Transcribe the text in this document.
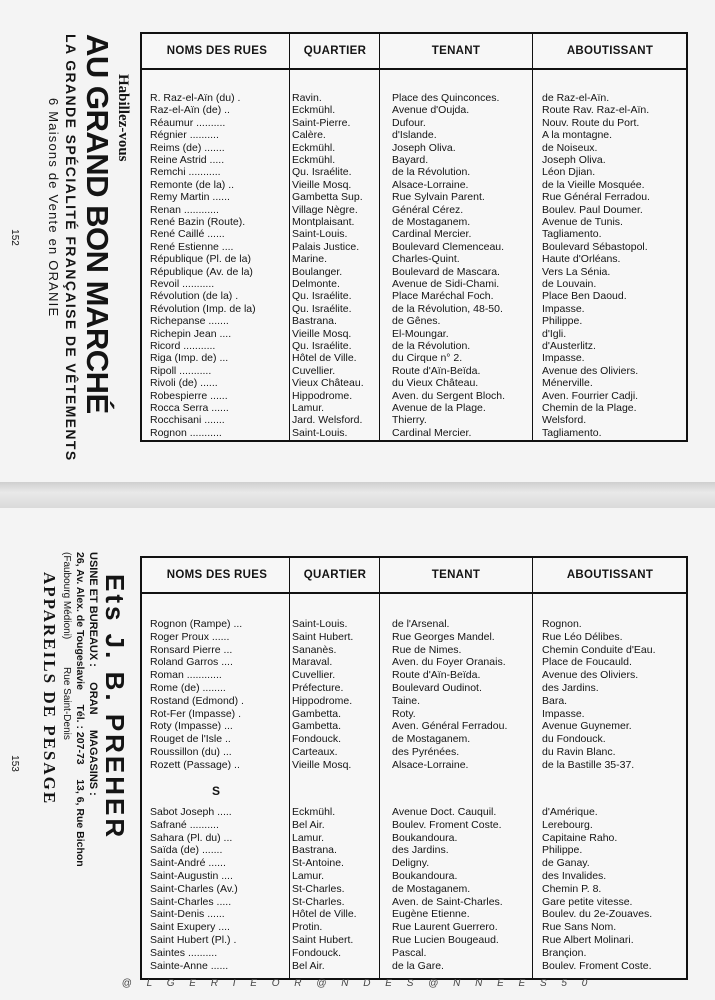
Habillez-vous
AU GRAND BON MARCHÉ
LA GRANDE SPÉCIALITÉ FRANÇAISE DE VÊTEMENTS
6 Maisons de Vente en ORANIE
152
NOMS DES RUES	QUARTIER	TENANT	ABOUTISSANT
R. Raz-el-Aïn (du) .	Ravin.	Place des Quinconces.	de Raz-el-Aïn.
Raz-el-Aïn (de) ..	Eckmühl.	Avenue d'Oujda.	Route Rav. Raz-el-Aïn.
Réaumur ..........	Saint-Pierre.	Dufour.	Nouv. Route du Port.
Régnier ..........	Calère.	d'Islande.	A la montagne.
Reims (de) .......	Eckmühl.	Joseph Oliva.	de Noiseux.
Reine Astrid .....	Eckmühl.	Bayard.	Joseph Oliva.
Remchi ...........	Qu. Israélite.	de la Révolution.	Léon Djian.
Remonte (de la) ..	Vieille Mosq.	Alsace-Lorraine.	de la Vieille Mosquée.
Remy Martin ......	Gambetta Sup.	Rue Sylvain Parent.	Rue Général Ferradou.
Renan ............	Village Nègre.	Général Cérez.	Boulev. Paul Doumer.
René Bazin (Route).	Montplaisant.	de Mostaganem.	Avenue de Tunis.
René Caillé ......	Saint-Louis.	Cardinal Mercier.	Tagliamento.
René Estienne ....	Palais Justice.	Boulevard Clemenceau.	Boulevard Sébastopol.
République (Pl. de la)	Marine.	Charles-Quint.	Haute d'Orléans.
République (Av. de la)	Boulanger.	Boulevard de Mascara.	Vers La Sénia.
Revoil ...........	Delmonte.	Avenue de Sidi-Chami.	de Louvain.
Révolution (de la) .	Qu. Israélite.	Place Maréchal Foch.	Place Ben Daoud.
Révolution (Imp. de la)	Qu. Israélite.	de la Révolution, 48-50.	Impasse.
Richepanse .......	Bastrana.	de Gênes.	Philippe.
Richepin Jean ....	Vieille Mosq.	El-Moungar.	d'Igli.
Ricord ...........	Qu. Israélite.	de la Révolution.	d'Austerlitz.
Riga (Imp. de) ...	Hôtel de Ville.	du Cirque n° 2.	Impasse.
Ripoll ...........	Cuvellier.	Route d'Aïn-Beïda.	Avenue des Oliviers.
Rivoli (de) ......	Vieux Château.	du Vieux Château.	Ménerville.
Robespierre ......	Hippodrome.	Aven. du Sergent Bloch.	Aven. Fourrier Cadji.
Rocca Serra ......	Lamur.	Avenue de la Plage.	Chemin de la Plage.
Rocchisani .......	Jard. Welsford.	Thierry.	Welsford.
Rognon ...........	Saint-Louis.	Cardinal Mercier.	Tagliamento.
Ets J. B. PREHER
USINE ET BUREAUX :     ORAN     MAGASINS :
26, Av. Alex. de Tougeslavie     Tél. : 207-73     13, 6, Rue Bichon
(Faubourg Médioni)          Rue Saint-Denis
APPAREILS DE PESAGE
153
NOMS DES RUES	QUARTIER	TENANT	ABOUTISSANT
Rognon (Rampe) ...	Saint-Louis.	de l'Arsenal.	Rognon.
Roger Proux ......	Saint Hubert.	Rue Georges Mandel.	Rue Léo Délibes.
Ronsard Pierre ...	Sananès.	Rue de Nimes.	Chemin Conduite d'Eau.
Roland Garros ....	Maraval.	Aven. du Foyer Oranais.	Place de Foucauld.
Roman ............	Cuvellier.	Route d'Aïn-Beïda.	Avenue des Oliviers.
Rome (de) ........	Préfecture.	Boulevard Oudinot.	des Jardins.
Rostand (Edmond) .	Hippodrome.	Taine.	Bara.
Rot-Fer (Impasse) .	Gambetta.	Roty.	Impasse.
Roty (Impasse) ...	Gambetta.	Aven. Général Ferradou.	Avenue Guynemer.
Rouget de l'Isle ..	Fondouck.	de Mostaganem.	du Fondouck.
Roussillon (du) ...	Carteaux.	des Pyrénées.	du Ravin Blanc.
Rozett (Passage) ..	Vieille Mosq.	Alsace-Lorraine.	de la Bastille 35-37.
S
Sabot Joseph .....	Eckmühl.	Avenue Doct. Cauquil.	d'Amérique.
Safrané ..........	Bel Air.	Boulev. Froment Coste.	Lerebourg.
Sahara (Pl. du) ...	Lamur.	Boukandoura.	Capitaine Raho.
Saïda (de) .......	Bastrana.	des Jardins.	Philippe.
Saint-André ......	St-Antoine.	Deligny.	de Ganay.
Saint-Augustin ....	Lamur.	Boukandoura.	des Invalides.
Saint-Charles (Av.)	St-Charles.	de Mostaganem.	Chemin P. 8.
Saint-Charles .....	St-Charles.	Aven. de Saint-Charles.	Gare petite vitesse.
Saint-Denis ......	Hôtel de Ville.	Eugène Etienne.	Boulev. du 2e-Zouaves.
Saint Exupery ....	Protin.	Rue Laurent Guerrero.	Rue Sans Nom.
Saint Hubert (Pl.) .	Saint Hubert.	Rue Lucien Bougeaud.	Rue Albert Molinari.
Saintes ..........	Fondouck.	Pascal.	Brançion.
Sainte-Anne ......	Bel Air.	de la Gare.	Boulev. Froment Coste.
@ L G E R I E O R @ N D E S @ N N E E S 5 0
